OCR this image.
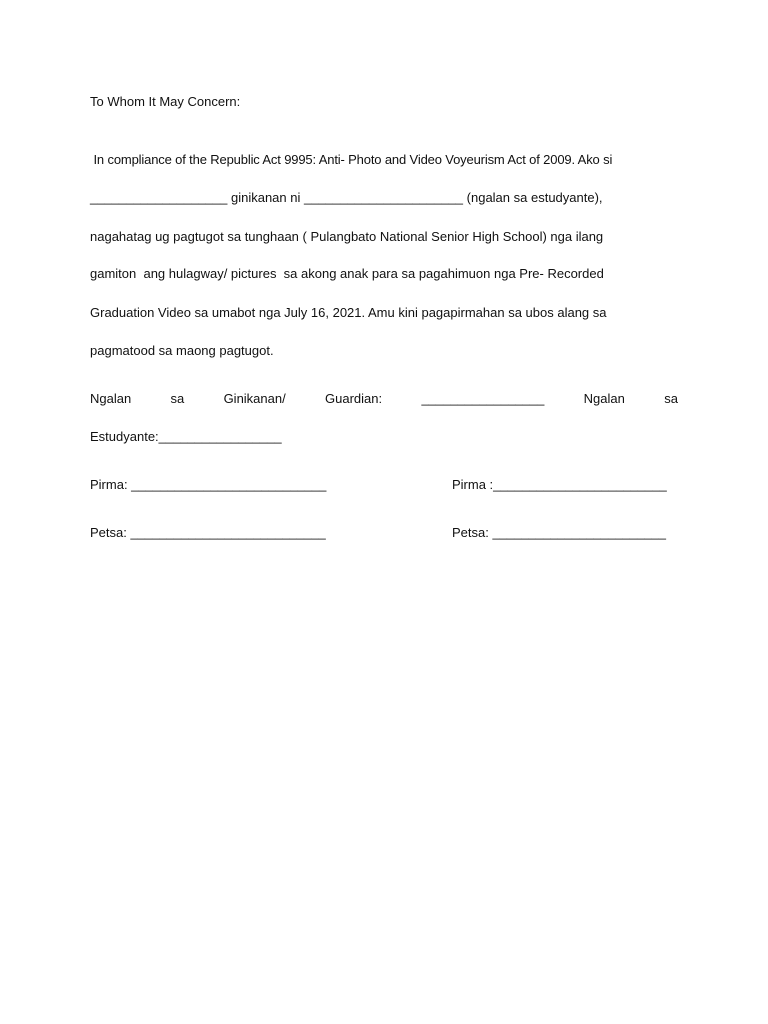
To Whom It May Concern:
In compliance of the Republic Act 9995: Anti- Photo and Video Voyeurism Act of 2009. Ako si
___________________ ginikanan ni ______________________ (ngalan sa estudyante),
nagahatag ug pagtugot sa tunghaan ( Pulangbato National Senior High School) nga ilang
gamiton  ang hulagway/ pictures  sa akong anak para sa pagahimuon nga Pre- Recorded
Graduation Video sa umabot nga July 16, 2021. Amu kini pagapirmahan sa ubos alang sa
pagmatood sa maong pagtugot.
Ngalan	sa	Ginikanan/	Guardian:	_________________	Ngalan	sa
Estudyante:_________________
Pirma: ___________________________	Pirma :________________________
Petsa: ___________________________	Petsa: ________________________
